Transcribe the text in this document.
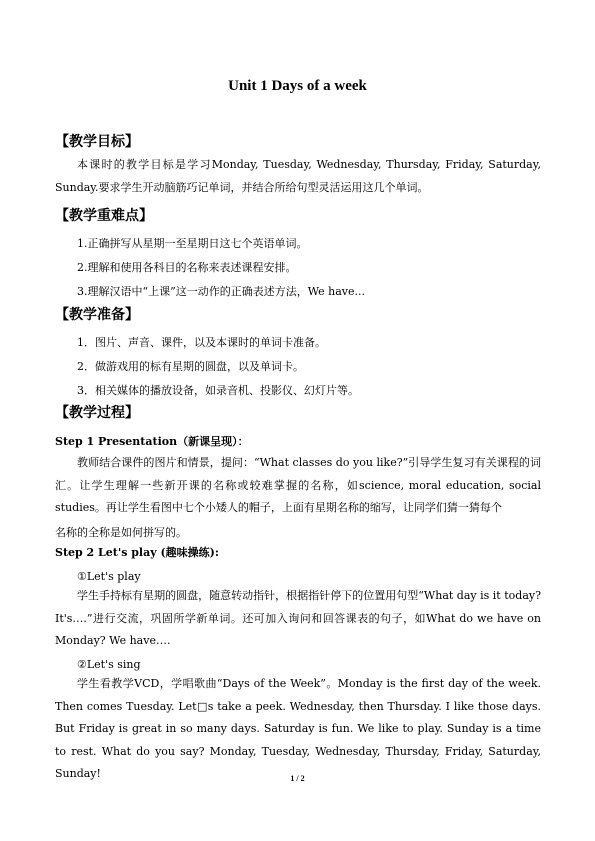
Unit 1 Days of a week
【教学目标】
本课时的教学目标是学习Monday, Tuesday, Wednesday, Thursday, Friday, Saturday, Sunday.要求学生开动脑筋巧记单词，并结合所给句型灵活运用这几个单词。
【教学重难点】
1.正确拼写从星期一至星期日这七个英语单词。
2.理解和使用各科目的名称来表述课程安排。
3.理解汉语中“上课”这一动作的正确表述方法，We have...
【教学准备】
1．图片、声音、课件，以及本课时的单词卡准备。
2．做游戏用的标有星期的圆盘，以及单词卡。
3．相关媒体的播放设备，如录音机、投影仪、幻灯片等。
【教学过程】
Step 1 Presentation（新课呈现）：
教师结合课件的图片和情景，提问：“What classes do you like?”引导学生复习有关课程的词汇。让学生理解一些新开课的名称或较难掌握的名称，如science, moral education, social studies。再让学生看图中七个小矮人的帽子，上面有星期名称的缩写，让同学们猜一猜每个
名称的全称是如何拼写的。
Step 2 Let's play (趣味操练):
①Let's play
学生手持标有星期的圆盘，随意转动指针，根据指针停下的位置用句型“What day is it today? It's….”进行交流，巩固所学新单词。还可加入询问和回答课表的句子，如What do we have on Monday? We have….
②Let's sing
学生看教学VCD，学唱歌曲“Days of the Week”。Monday is the first day of the week. Then comes Tuesday. Let□s take a peek. Wednesday, then Thursday. I like those days. But Friday is great in so many days. Saturday is fun. We like to play. Sunday is a time to rest. What do you say? Monday, Tuesday, Wednesday, Thursday, Friday, Saturday, Sunday!	1 / 2
